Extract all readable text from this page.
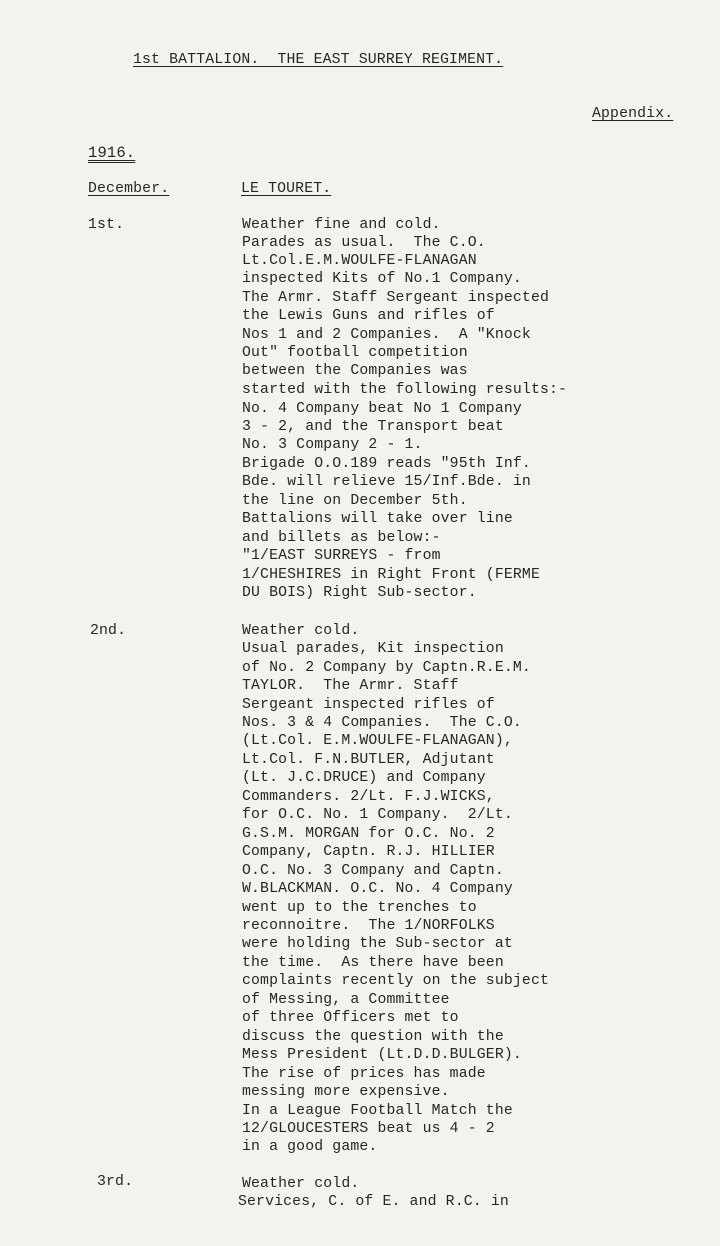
1st BATTALION.  THE EAST SURREY REGIMENT.
Appendix.
1916.
December.	LE TOURET.
1st.	Weather fine and cold.
Parades as usual.  The C.O.
Lt.Col.E.M.WOULFE-FLANAGAN
inspected Kits of No.1 Company.
The Armr. Staff Sergeant inspected
the Lewis Guns and rifles of
Nos 1 and 2 Companies.  A "Knock
Out" football competition
between the Companies was
started with the following results:-
No. 4 Company beat No 1 Company
3 - 2, and the Transport beat
No. 3 Company 2 - 1.
Brigade O.O.189 reads "95th Inf.
Bde. will relieve 15/Inf.Bde. in
the line on December 5th.
Battalions will take over line
and billets as below:-
"1/EAST SURREYS - from
1/CHESHIRES in Right Front (FERME
DU BOIS) Right Sub-sector.
2nd.	Weather cold.
Usual parades, Kit inspection
of No. 2 Company by Captn.R.E.M.
TAYLOR.  The Armr. Staff
Sergeant inspected rifles of
Nos. 3 & 4 Companies.  The C.O.
(Lt.Col. E.M.WOULFE-FLANAGAN),
Lt.Col. F.N.BUTLER, Adjutant
(Lt. J.C.DRUCE) and Company
Commanders. 2/Lt. F.J.WICKS,
for O.C. No. 1 Company.  2/Lt.
G.S.M. MORGAN for O.C. No. 2
Company, Captn. R.J. HILLIER
O.C. No. 3 Company and Captn.
W.BLACKMAN. O.C. No. 4 Company
went up to the trenches to
reconnoitre.  The 1/NORFOLKS
were holding the Sub-sector at
the time.  As there have been
complaints recently on the subject
of Messing, a Committee
of three Officers met to
discuss the question with the
Mess President (Lt.D.D.BULGER).
The rise of prices has made
messing more expensive.
In a League Football Match the
12/GLOUCESTERS beat us 4 - 2
in a good game.
3rd.	Weather cold.
Services, C. of E. and R.C. in
